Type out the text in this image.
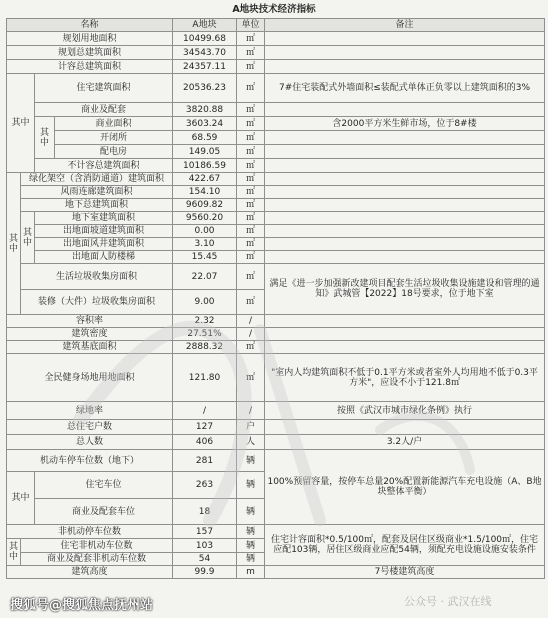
A地块技术经济指标
名称				A地块	单位	备注
规划用地面积				10499.68	㎡	
规划总建筑面积				34543.70	㎡	
计容总建筑面积				24357.11	㎡	
其中		住宅建筑面积		20536.23	㎡	7#住宅装配式外墙面积≤装配式单体正负零以上建筑面积的3%
		商业及配套		3820.88	㎡	
		其中	商业面积	3603.24	㎡	含2000平方米生鲜市场，位于8#楼
			开闭所	68.59	㎡	
			配电房	149.05	㎡	
		不计容总建筑面积		10186.59	㎡	
其中	绿化架空（含消防通道）建筑面积			422.67	㎡	
	风雨连廊建筑面积			154.10	㎡	
	地下总建筑面积			9609.82	㎡	
	其中	地下室建筑面积		9560.20	㎡	
		出地面坡道建筑面积		0.00	㎡	
		出地面风井建筑面积		3.10	㎡	
		出地面人防楼梯		15.45	㎡	
	生活垃圾收集房面积			22.07	㎡	满足《进一步加强新改建项目配套生活垃圾收集设施建设和管理的通知》武城管【2022】18号要求，位于地下室
	装修（大件）垃圾收集房面积			9.00	㎡	
容积率				2.32	/	
建筑密度				27.51%	/	
建筑基底面积				2888.32	㎡	
全民健身场地用地面积				121.80	㎡	"室内人均建筑面积不低于0.1平方米或者室外人均用地不低于0.3平方米"，应设不小于121.8㎡
绿地率				/	/	按照《武汉市城市绿化条例》执行
总住宅户数				127	户	
总人数				406	人	3.2人/户
机动车停车位数（地下）				281	辆	100%预留容量，按停车总量20%配置新能源汽车充电设施（A、B地块整体平衡）
其中		住宅车位		263	辆	
		商业及配套车位		18	辆	
非机动停车位数				157	辆	住宅计容面积*0.5/100㎡，配套及居住区级商业*1.5/100㎡，住宅应配103辆，居住区级商业应配54辆，须配充电设施设施安装条件
其中	住宅非机动车位数			103	辆	
	商业及配套非机动车位数			54	辆	
建筑高度				99.9	m	7号楼建筑高度
搜狐号@搜狐焦点抚州站	公众号 · 武汉在线
